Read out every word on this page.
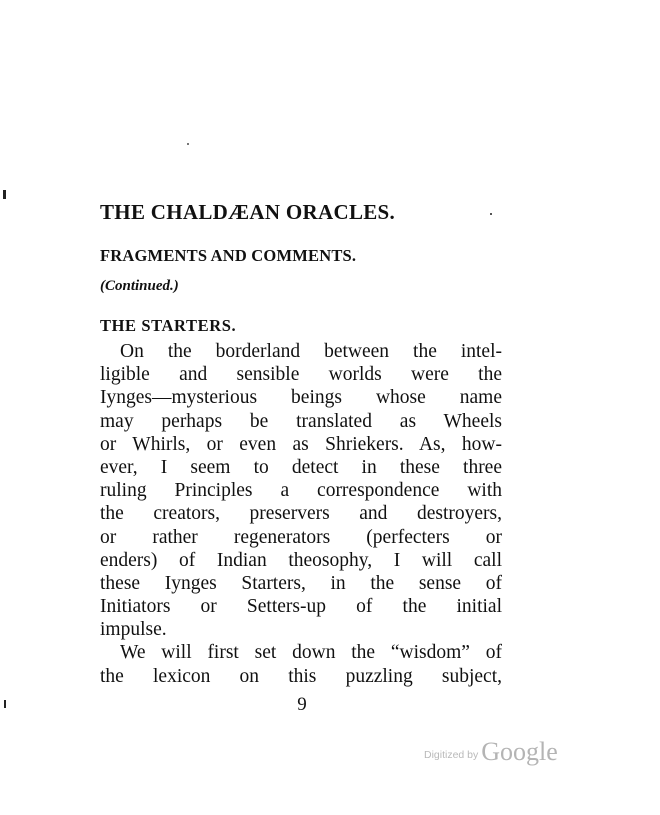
THE CHALDÆAN ORACLES.
FRAGMENTS AND COMMENTS.
(Continued.)
THE STARTERS.
On the borderland between the intel-
ligible and sensible worlds were the
Iynges—mysterious beings whose name
may perhaps be translated as Wheels
or Whirls, or even as Shriekers. As, how-
ever, I seem to detect in these three
ruling Principles a correspondence with
the creators, preservers and destroyers,
or rather regenerators (perfecters or
enders) of Indian theosophy, I will call
these Iynges Starters, in the sense of
Initiators or Setters-up of the initial
impulse.
We will first set down the “wisdom” of
the lexicon on this puzzling subject,
9
Digitized by Google
